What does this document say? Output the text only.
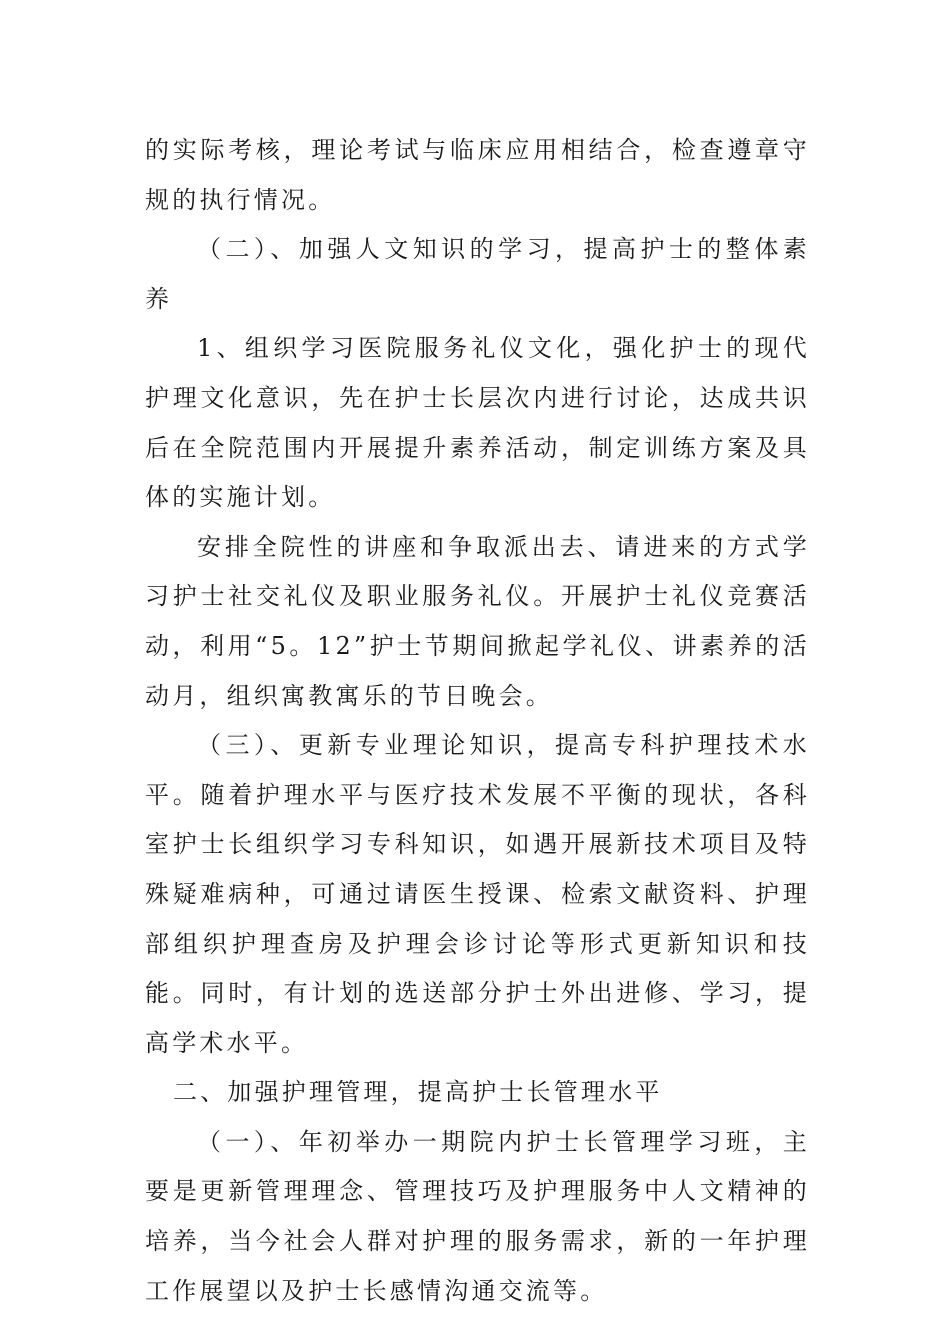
的实际考核，理论考试与临床应用相结合，检查遵章守规的执行情况。

（二）、加强人文知识的学习，提高护士的整体素养

1、组织学习医院服务礼仪文化，强化护士的现代护理文化意识，先在护士长层次内进行讨论，达成共识后在全院范围内开展提升素养活动，制定训练方案及具体的实施计划。

安排全院性的讲座和争取派出去、请进来的方式学习护士社交礼仪及职业服务礼仪。开展护士礼仪竞赛活动，利用“5。12”护士节期间掀起学礼仪、讲素养的活动月，组织寓教寓乐的节日晚会。

（三）、更新专业理论知识，提高专科护理技术水平。随着护理水平与医疗技术发展不平衡的现状，各科室护士长组织学习专科知识，如遇开展新技术项目及特殊疑难病种，可通过请医生授课、检索文献资料、护理部组织护理查房及护理会诊讨论等形式更新知识和技能。同时，有计划的选送部分护士外出进修、学习，提高学术水平。

二、加强护理管理，提高护士长管理水平

（一）、年初举办一期院内护士长管理学习班，主要是更新管理理念、管理技巧及护理服务中人文精神的培养，当今社会人群对护理的服务需求，新的一年护理工作展望以及护士长感情沟通交流等。
